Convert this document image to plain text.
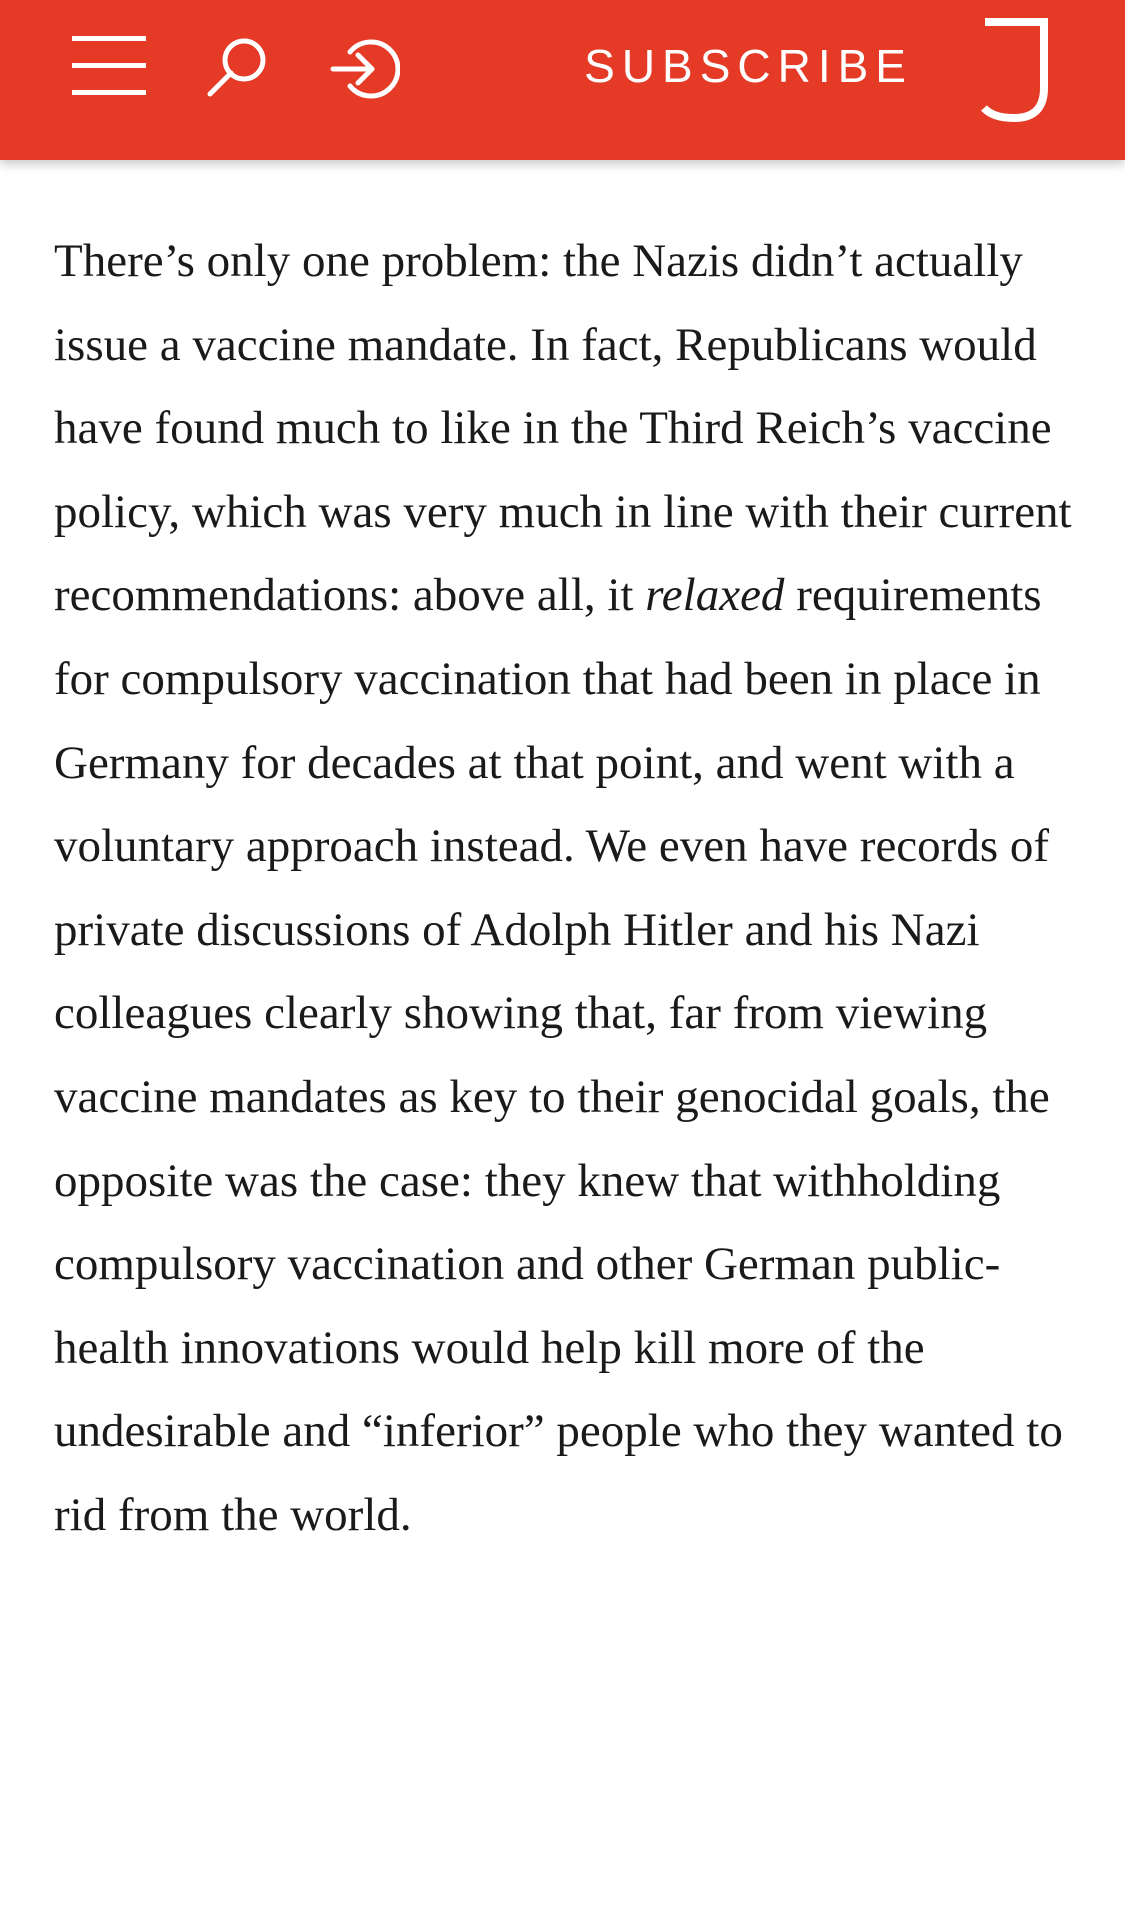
SUBSCRIBE

There’s only one problem: the Nazis didn’t actually issue a vaccine mandate. In fact, Republicans would have found much to like in the Third Reich’s vaccine policy, which was very much in line with their current recommendations: above all, it relaxed requirements for compulsory vaccination that had been in place in Germany for decades at that point, and went with a voluntary approach instead. We even have records of private discussions of Adolph Hitler and his Nazi colleagues clearly showing that, far from viewing vaccine mandates as key to their genocidal goals, the opposite was the case: they knew that withholding compulsory vaccination and other German public-health innovations would help kill more of the undesirable and “inferior” people who they wanted to rid from the world.
